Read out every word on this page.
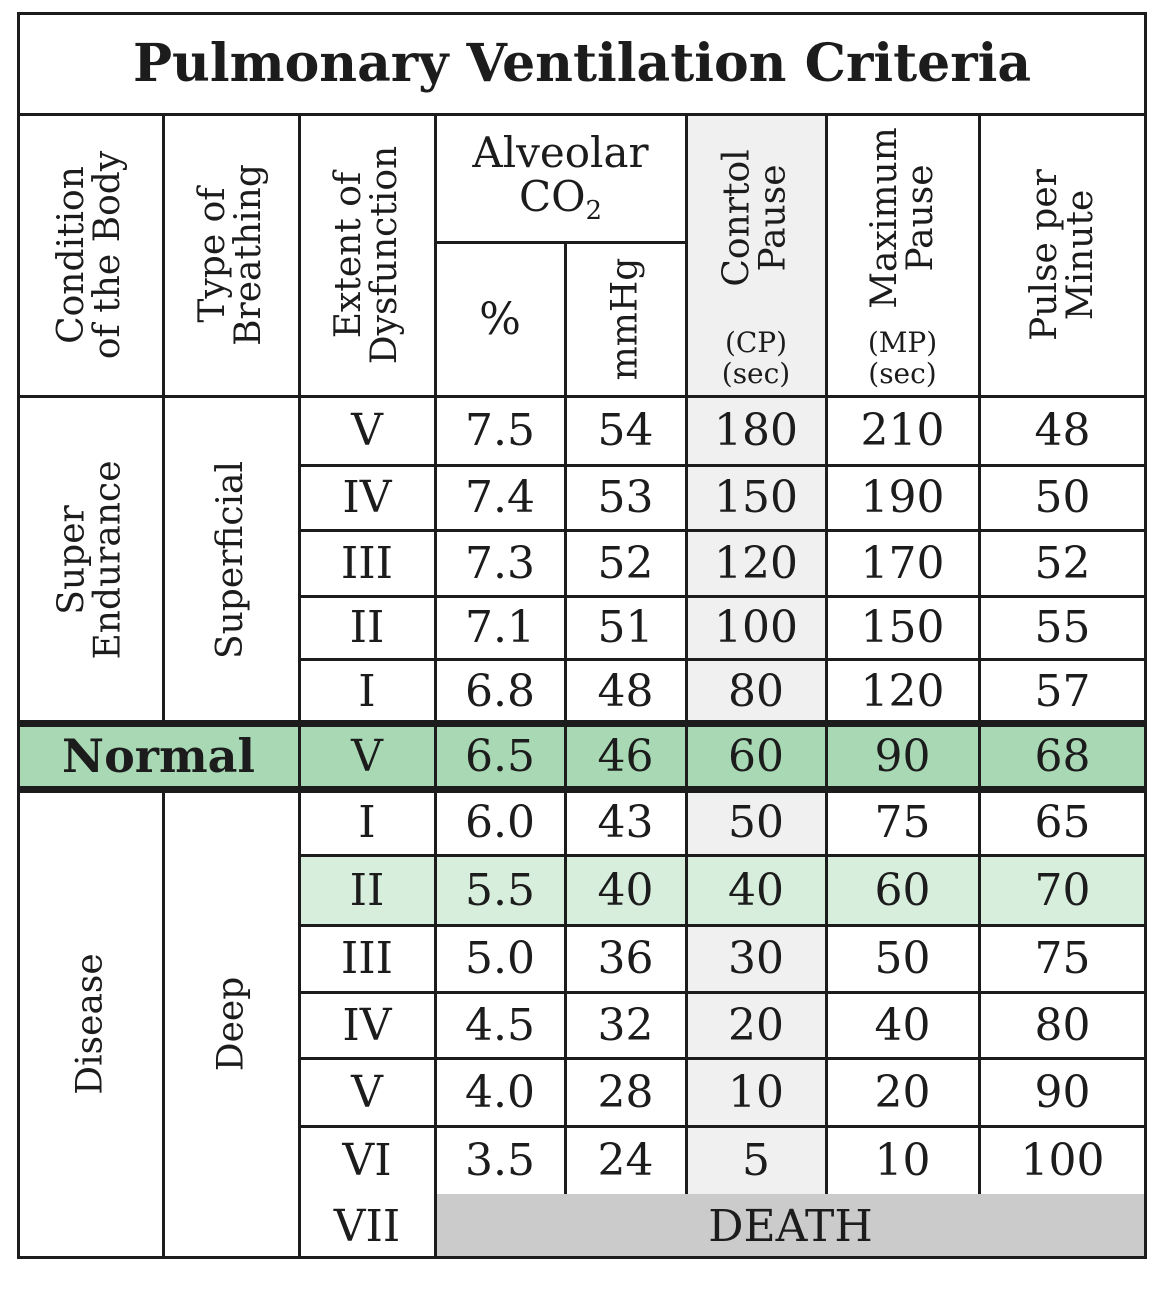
Pulmonary Ventilation Criteria
Condition
of the Body Type of
Breathing Extent of
Dysfunction Alveolar
CO2
% mmHg
Conrtol
Pause
(CP)
(sec)
Maximum
Pause
(MP)
(sec)
Pulse per
Minute
Super
Endurance Superficial
Normal
Disease	Deep
V 7.5 54 180 210 48
IV 7.4 53 150 190 50
III 7.3 52 120 170 52
II 7.1 51 100 150 55
I 6.8 48 80 120 57
V 6.5 46 60 90 68
I 6.0 43 50 75 65
II 5.5 40 40 60 70
III 5.0 36 30 50 75
IV 4.5 32 20 40 80
V 4.0 28 10 20 90
VI 3.5 24 5 10 100
VII	DEATH
